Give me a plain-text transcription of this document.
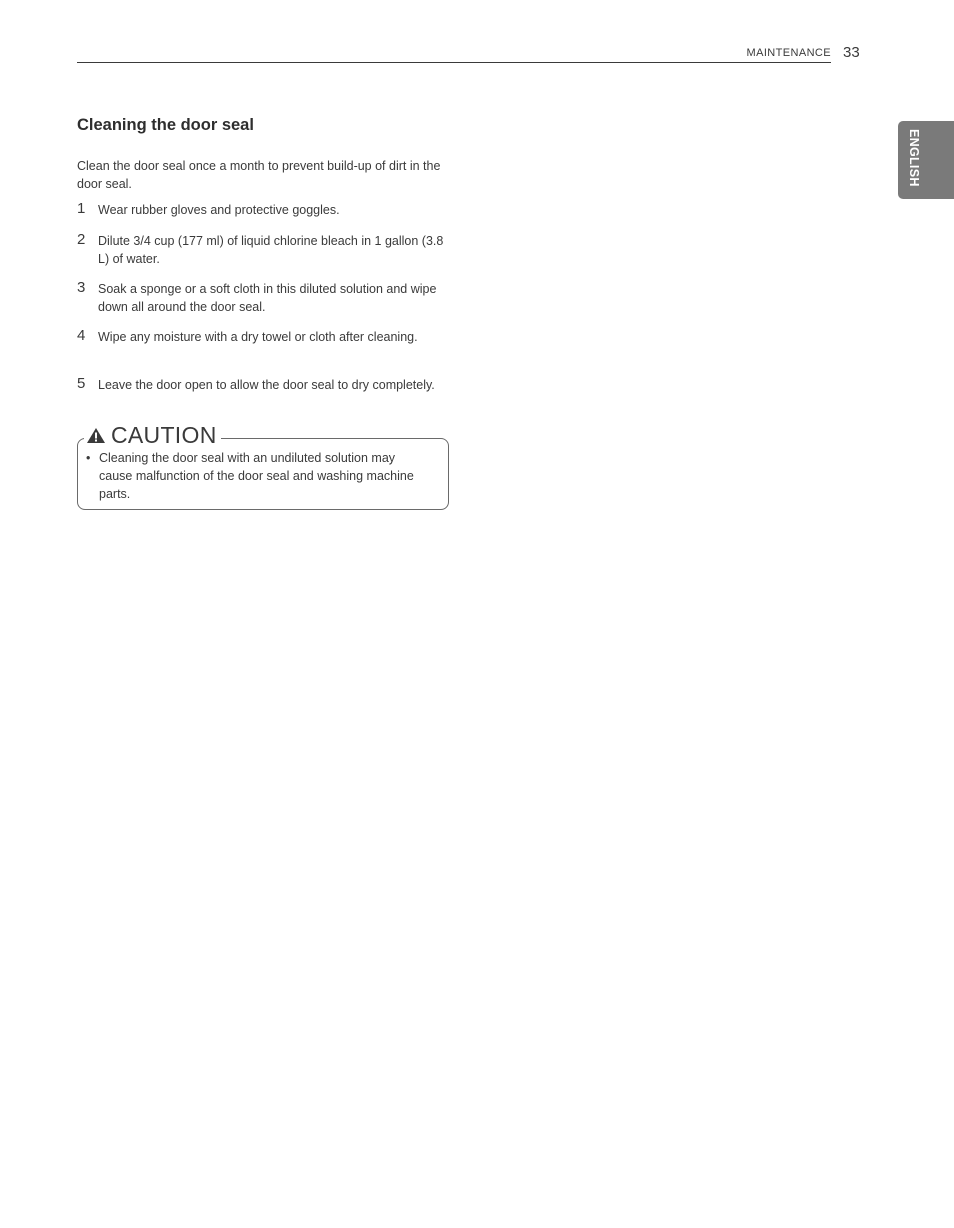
MAINTENANCE 33
ENGLISH
Cleaning the door seal

Clean the door seal once a month to prevent build-up of dirt in the door seal.

1 Wear rubber gloves and protective goggles.
2 Dilute 3/4 cup (177 ml) of liquid chlorine bleach in 1 gallon (3.8 L) of water.
3 Soak a sponge or a soft cloth in this diluted solution and wipe down all around the door seal.
4 Wipe any moisture with a dry towel or cloth after cleaning.
5 Leave the door open to allow the door seal to dry completely.
CAUTION
• Cleaning the door seal with an undiluted solution may cause malfunction of the door seal and washing machine parts.
